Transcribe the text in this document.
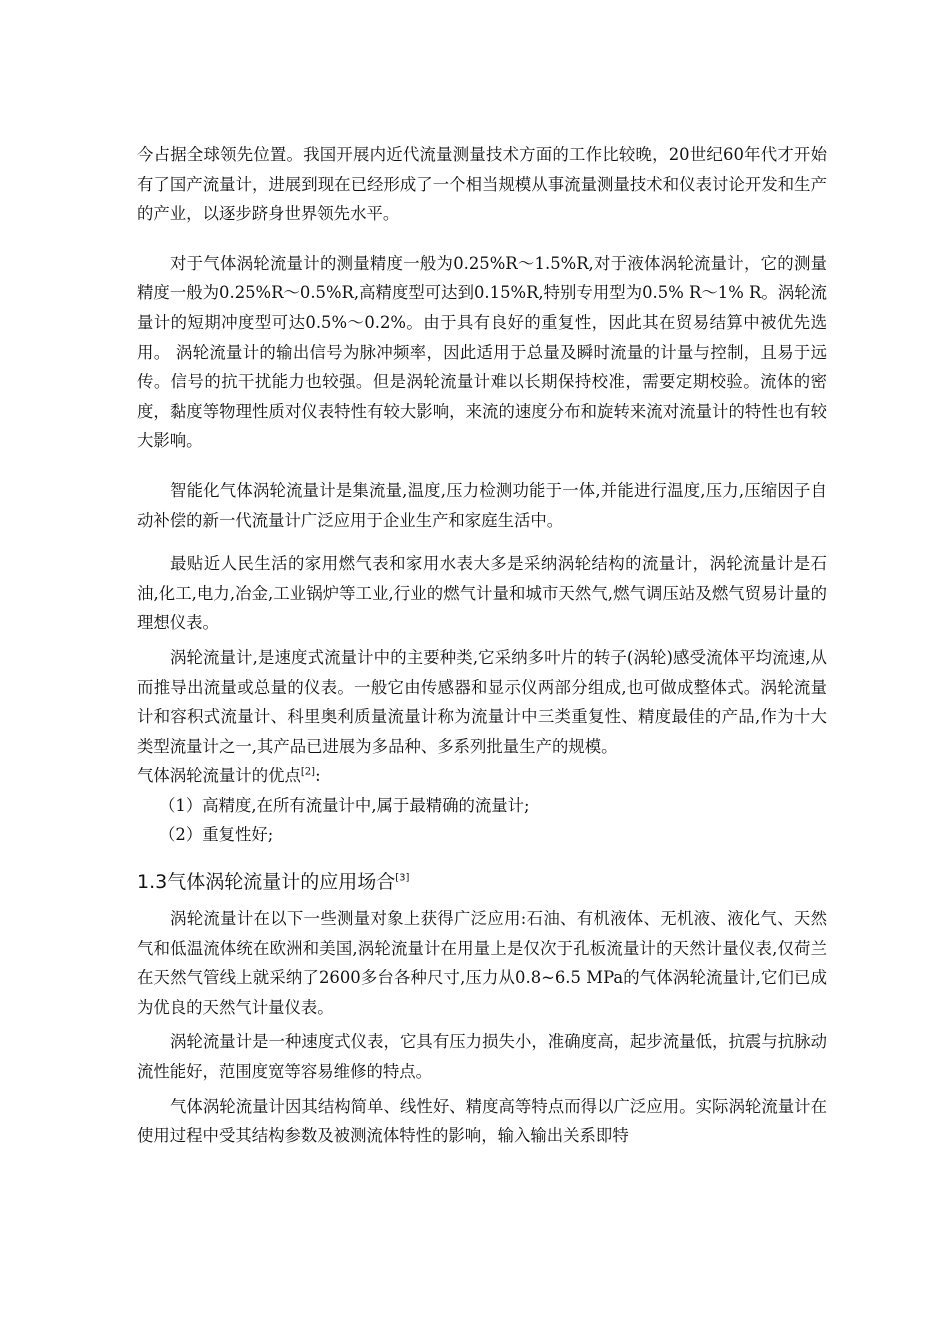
今占据全球领先位置。我国开展内近代流量测量技术方面的工作比较晚，20世纪60年代才开始有了国产流量计，进展到现在已经形成了一个相当规模从事流量测量技术和仪表讨论开发和生产的产业，以逐步跻身世界领先水平。

对于气体涡轮流量计的测量精度一般为0.25%R～1.5%R,对于液体涡轮流量计，它的测量精度一般为0.25%R～0.5%R,高精度型可达到0.15%R,特别专用型为0.5% R～1% R。涡轮流量计的短期冲度型可达0.5%～0.2%。由于具有良好的重复性，因此其在贸易结算中被优先选用。 涡轮流量计的输出信号为脉冲频率，因此适用于总量及瞬时流量的计量与控制，且易于远传。信号的抗干扰能力也较强。但是涡轮流量计难以长期保持校准，需要定期校验。流体的密度，黏度等物理性质对仪表特性有较大影响，来流的速度分布和旋转来流对流量计的特性也有较大影响。

智能化气体涡轮流量计是集流量,温度,压力检测功能于一体,并能进行温度,压力,压缩因子自动补偿的新一代流量计广泛应用于企业生产和家庭生活中。

最贴近人民生活的家用燃气表和家用水表大多是采纳涡轮结构的流量计，涡轮流量计是石油,化工,电力,冶金,工业锅炉等工业,行业的燃气计量和城市天然气,燃气调压站及燃气贸易计量的理想仪表。

涡轮流量计,是速度式流量计中的主要种类,它采纳多叶片的转子(涡轮)感受流体平均流速,从而推导出流量或总量的仪表。一般它由传感器和显示仪两部分组成,也可做成整体式。涡轮流量计和容积式流量计、科里奥利质量流量计称为流量计中三类重复性、精度最佳的产品,作为十大类型流量计之一,其产品已进展为多品种、多系列批量生产的规模。

气体涡轮流量计的优点[2]:

（1）高精度,在所有流量计中,属于最精确的流量计;

（2）重复性好;

1.3气体涡轮流量计的应用场合[3]

涡轮流量计在以下一些测量对象上获得广泛应用:石油、有机液体、无机液、液化气、天然气和低温流体统在欧洲和美国,涡轮流量计在用量上是仅次于孔板流量计的天然计量仪表,仅荷兰在天然气管线上就采纳了2600多台各种尺寸,压力从0.8~6.5 MPa的气体涡轮流量计,它们已成为优良的天然气计量仪表。

涡轮流量计是一种速度式仪表，它具有压力损失小，准确度高，起步流量低，抗震与抗脉动流性能好，范围度宽等容易维修的特点。

气体涡轮流量计因其结构简单、线性好、精度高等特点而得以广泛应用。实际涡轮流量计在使用过程中受其结构参数及被测流体特性的影响，输入输出关系即特
